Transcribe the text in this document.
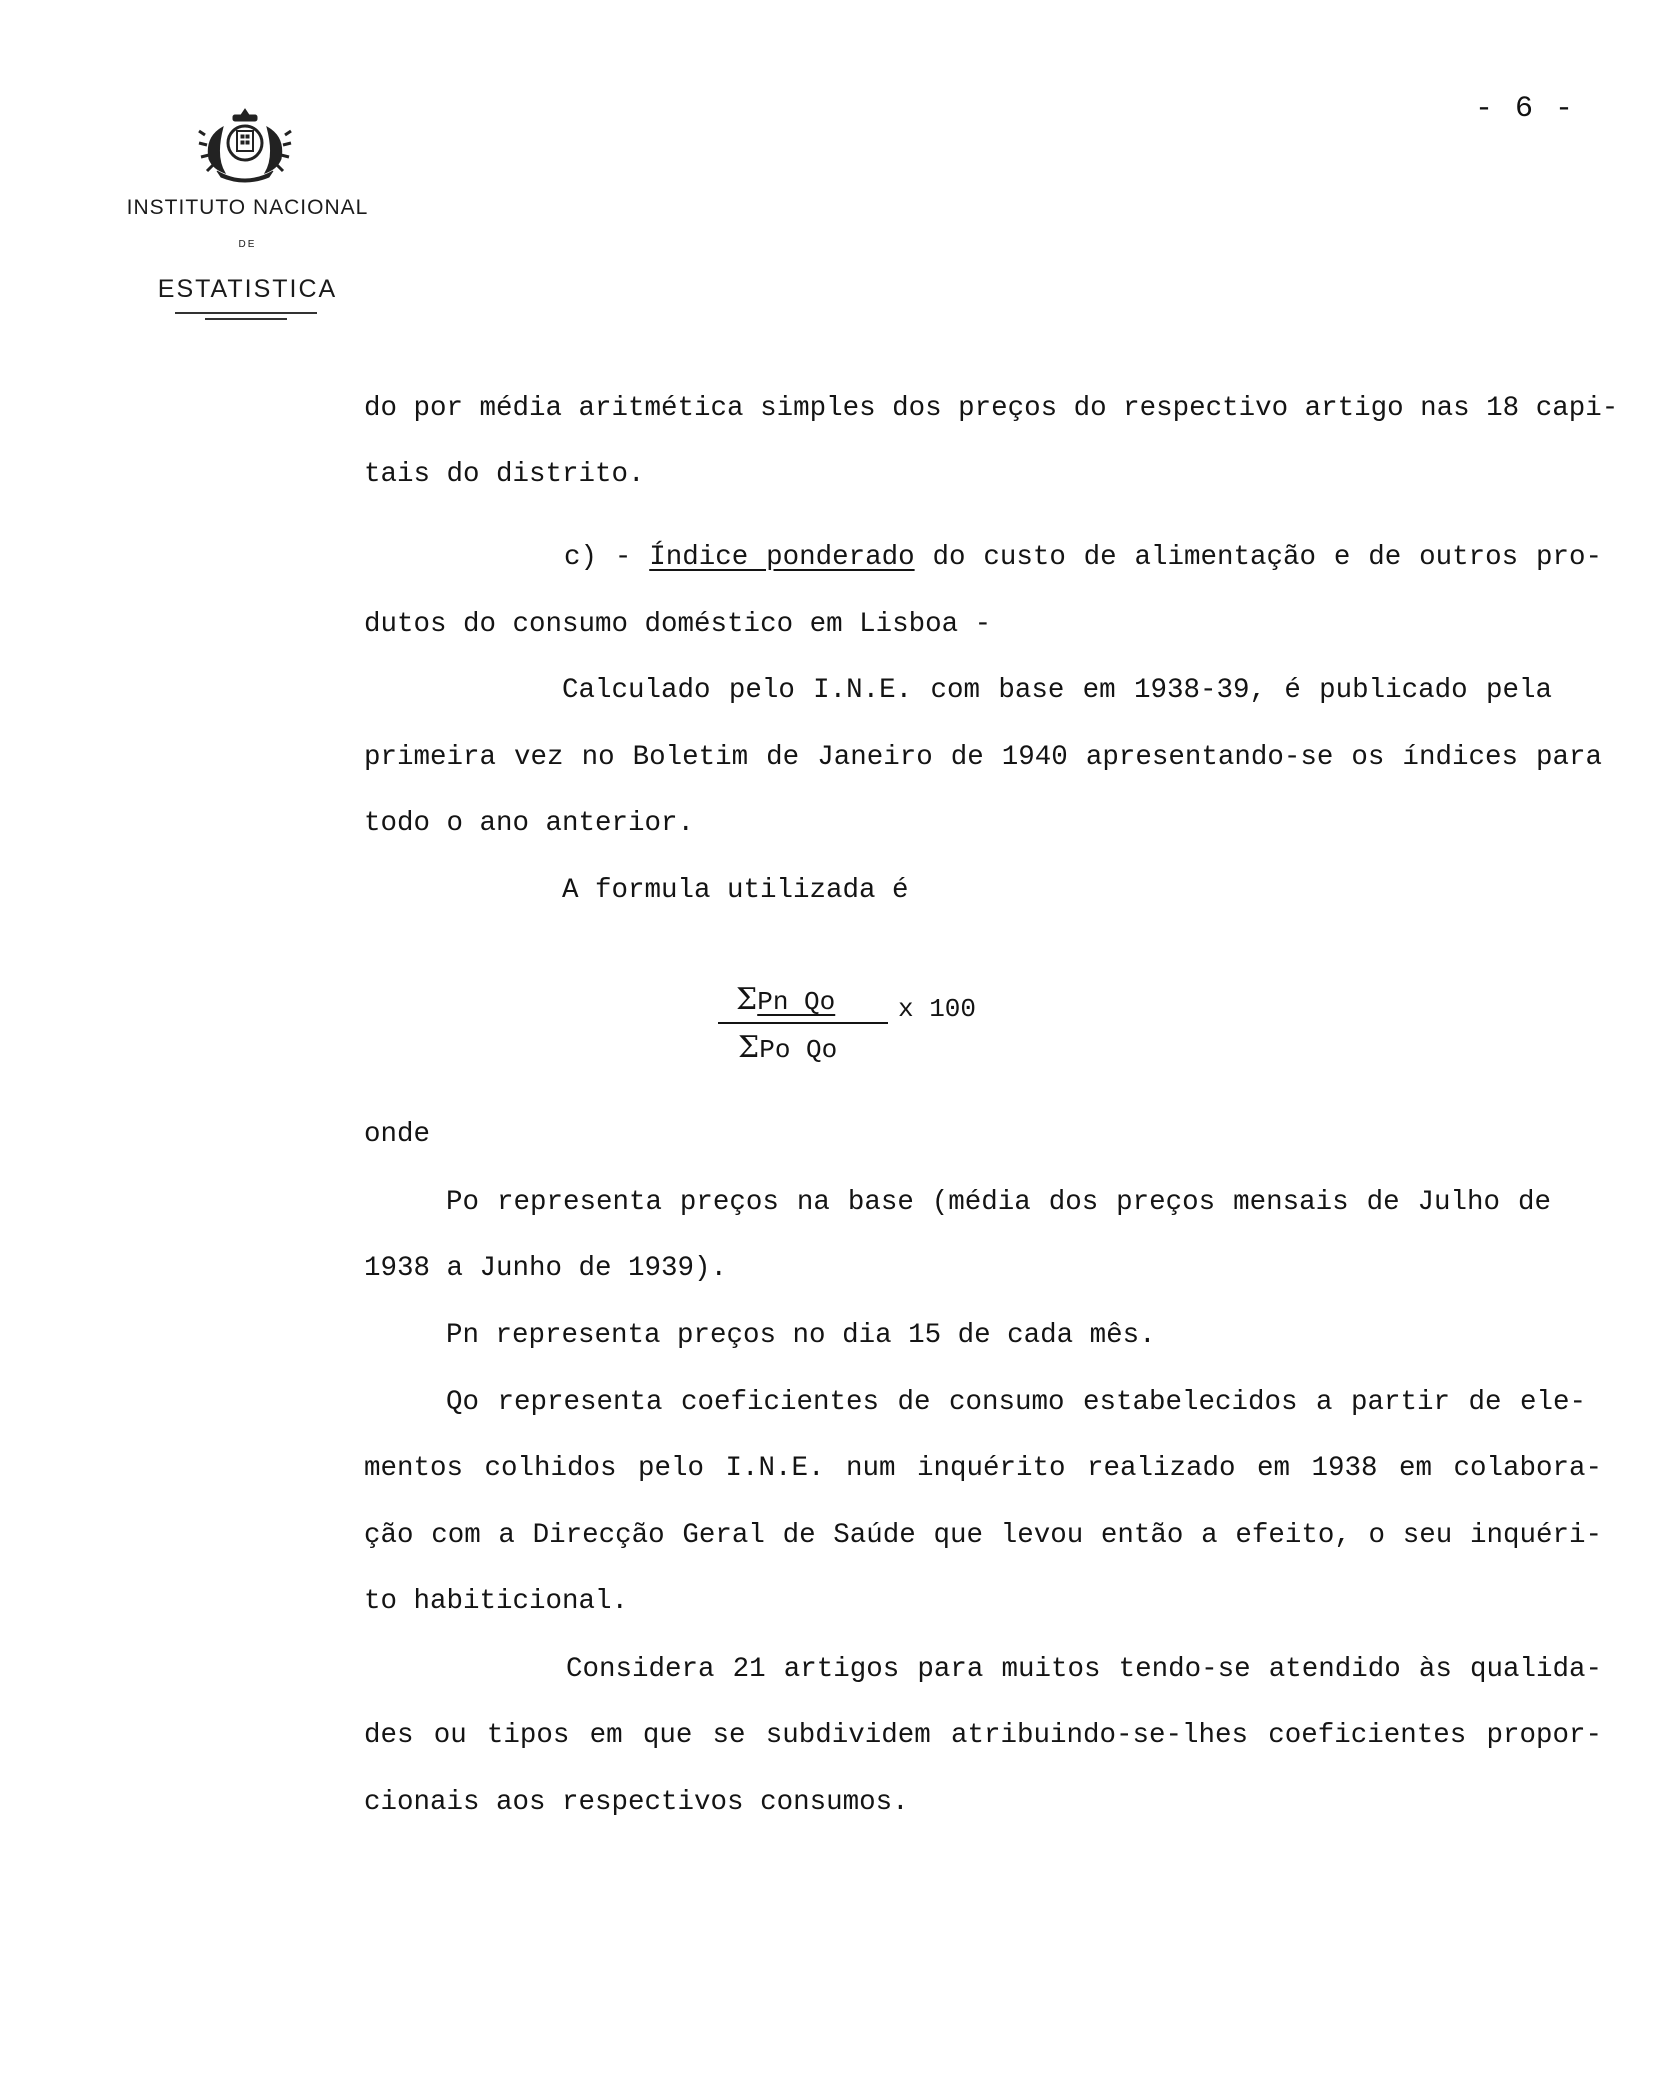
INSTITUTO NACIONAL
DE
ESTATISTICA
- 6 -
do por média aritmética simples dos preços do respectivo artigo nas 18 capi-
tais do distrito.
c) - Índice ponderado do custo de alimentação e de outros pro-
dutos do consumo doméstico em Lisboa -
Calculado pelo I.N.E. com base em 1938-39, é publicado pela
primeira vez no Boletim de Janeiro de 1940 apresentando-se os índices para
todo o ano anterior.
A formula utilizada é
ΣPn Qo
ΣPo Qo
x 100
onde
Po representa preços na base (média dos preços mensais de Julho de
1938 a Junho de 1939).
Pn representa preços no dia 15 de cada mês.
Qo representa coeficientes de consumo estabelecidos a partir de ele-
mentos colhidos pelo I.N.E. num inquérito realizado em 1938 em colabora-
ção com a Direcção Geral de Saúde que levou então a efeito, o seu inquéri-
to habiticional.
Considera 21 artigos para muitos tendo-se atendido às qualida-
des ou tipos em que se subdividem atribuindo-se-lhes coeficientes propor-
cionais aos respectivos consumos.
